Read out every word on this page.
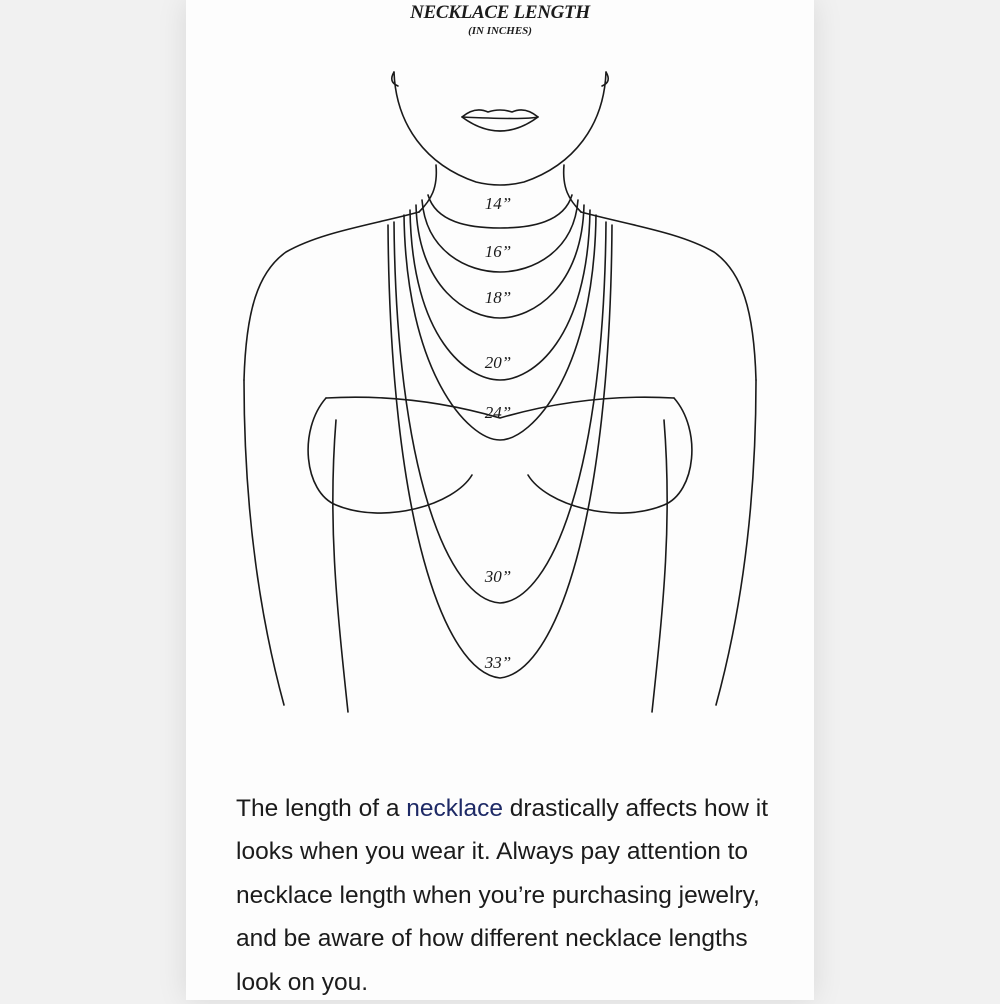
NECKLACE LENGTH
(IN INCHES)
14”
16”
18”
20”
24”
30”
33”

The length of a necklace drastically affects how it looks when you wear it. Always pay attention to necklace length when you’re purchasing jewelry, and be aware of how different necklace lengths look on you.
